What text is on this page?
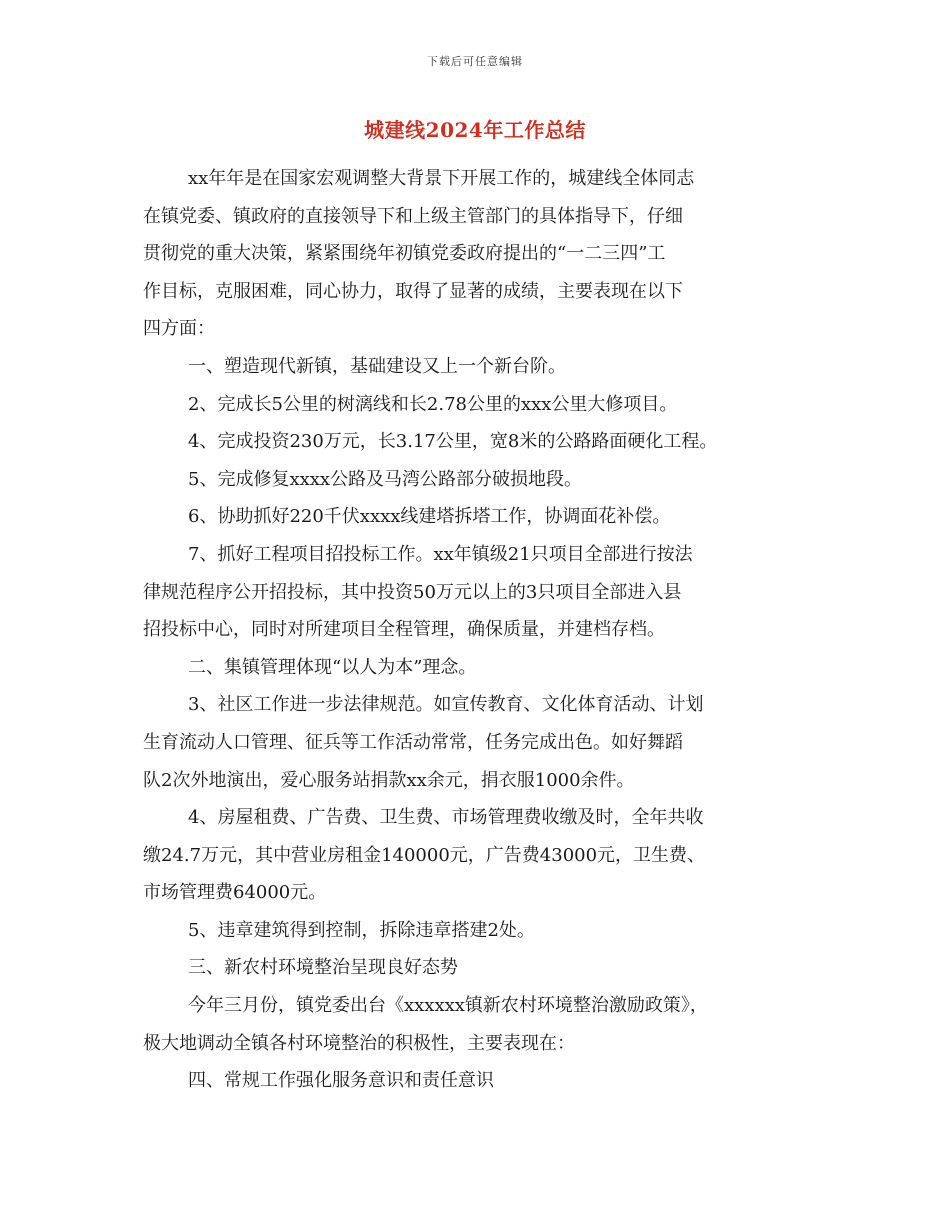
下载后可任意编辑
城建线2024年工作总结

xx年年是在国家宏观调整大背景下开展工作的，城建线全体同志

在镇党委、镇政府的直接领导下和上级主管部门的具体指导下，仔细

贯彻党的重大决策，紧紧围绕年初镇党委政府提出的“一二三四”工

作目标，克服困难，同心协力，取得了显著的成绩，主要表现在以下

四方面：

一、塑造现代新镇，基础建设又上一个新台阶。

2、完成长5公里的树漓线和长2.78公里的xxx公里大修项目。

4、完成投资230万元，长3.17公里，宽8米的公路路面硬化工程。

5、完成修复xxxx公路及马湾公路部分破损地段。

6、协助抓好220千伏xxxx线建塔拆塔工作，协调面花补偿。

7、抓好工程项目招投标工作。xx年镇级21只项目全部进行按法

律规范程序公开招投标，其中投资50万元以上的3只项目全部进入县

招投标中心，同时对所建项目全程管理，确保质量，并建档存档。

二、集镇管理体现“以人为本”理念。

3、社区工作进一步法律规范。如宣传教育、文化体育活动、计划

生育流动人口管理、征兵等工作活动常常，任务完成出色。如好舞蹈

队2次外地演出，爱心服务站捐款xx余元，捐衣服1000余件。

4、房屋租费、广告费、卫生费、市场管理费收缴及时，全年共收

缴24.7万元，其中营业房租金140000元，广告费43000元，卫生费、

市场管理费64000元。

5、违章建筑得到控制，拆除违章搭建2处。

三、新农村环境整治呈现良好态势

今年三月份，镇党委出台《xxxxxx镇新农村环境整治激励政策》，

极大地调动全镇各村环境整治的积极性，主要表现在：

四、常规工作强化服务意识和责任意识
